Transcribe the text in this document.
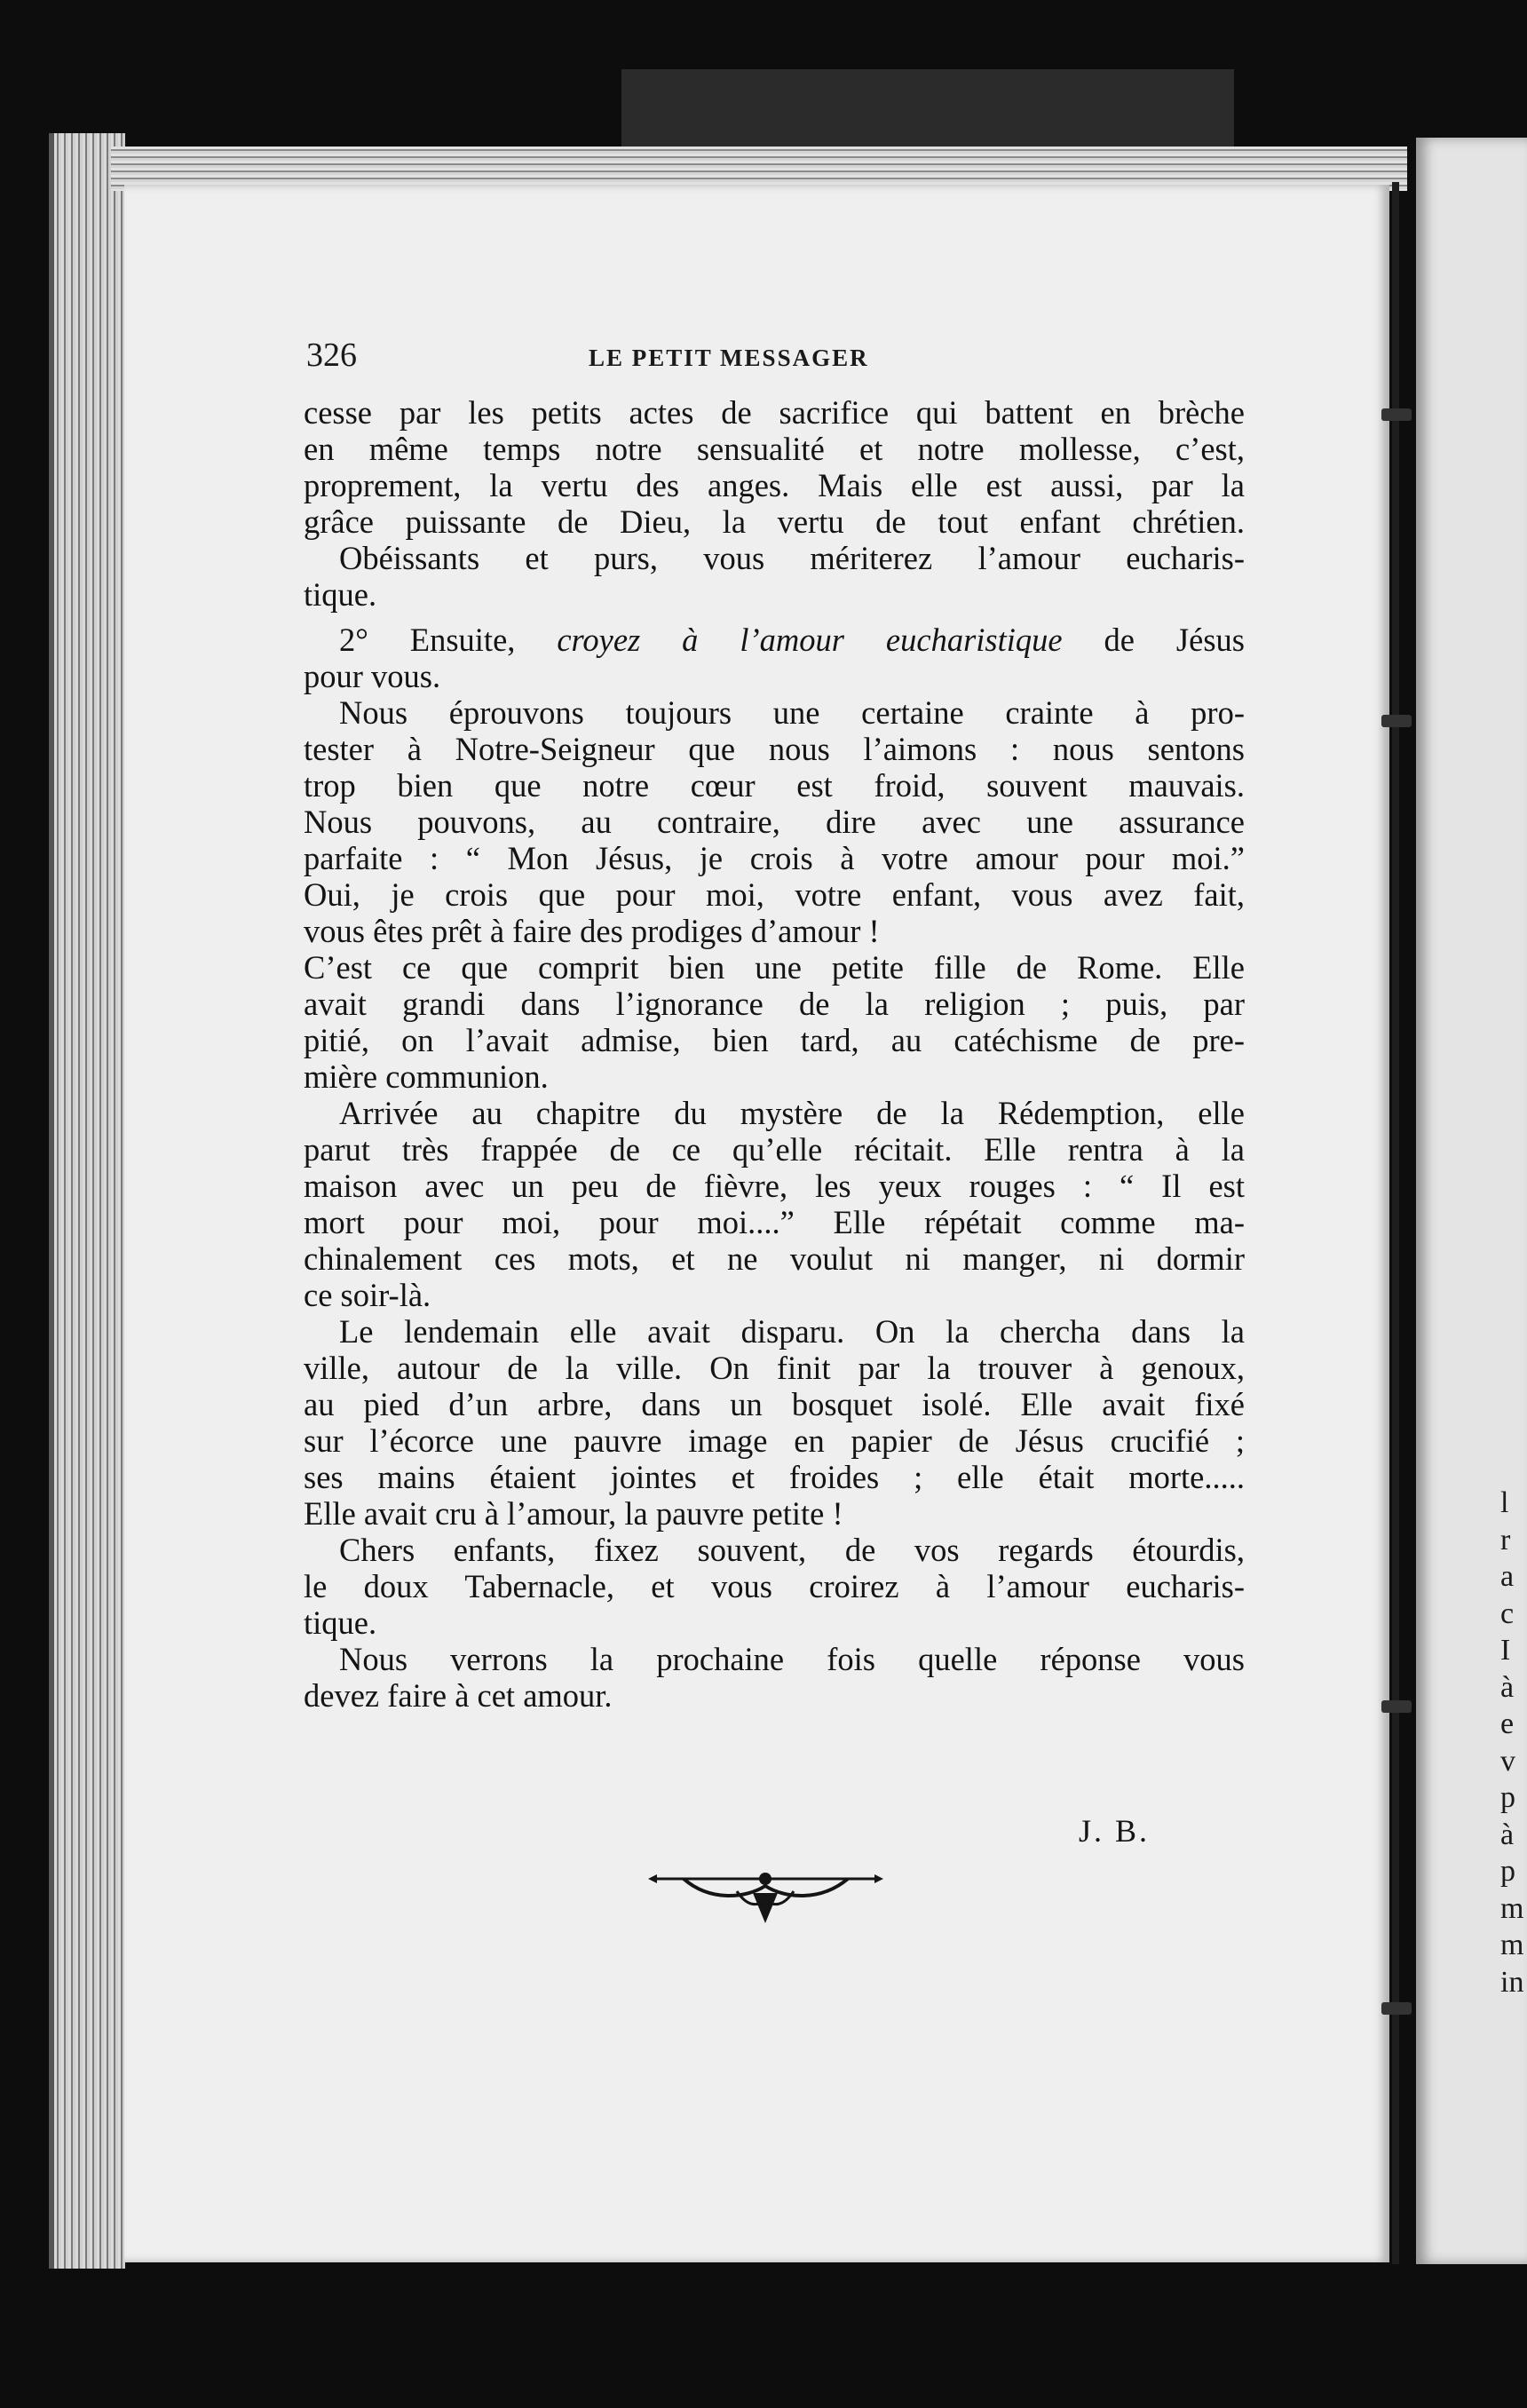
326	LE PETIT MESSAGER
cesse par les petits actes de sacrifice qui battent en brèche
en même temps notre sensualité et notre mollesse, c’est,
proprement, la vertu des anges. Mais elle est aussi, par la
grâce puissante de Dieu, la vertu de tout enfant chrétien.
Obéissants et purs, vous mériterez l’amour eucharis-
tique.
2° Ensuite, croyez à l’amour eucharistique de Jésus
pour vous.
Nous éprouvons toujours une certaine crainte à pro-
tester à Notre-Seigneur que nous l’aimons : nous sentons
trop bien que notre cœur est froid, souvent mauvais.
Nous pouvons, au contraire, dire avec une assurance
parfaite : “ Mon Jésus, je crois à votre amour pour moi.”
Oui, je crois que pour moi, votre enfant, vous avez fait,
vous êtes prêt à faire des prodiges d’amour !
C’est ce que comprit bien une petite fille de Rome. Elle
avait grandi dans l’ignorance de la religion ; puis, par
pitié, on l’avait admise, bien tard, au catéchisme de pre-
mière communion.
Arrivée au chapitre du mystère de la Rédemption, elle
parut très frappée de ce qu’elle récitait. Elle rentra à la
maison avec un peu de fièvre, les yeux rouges : “ Il est
mort pour moi, pour moi....” Elle répétait comme ma-
chinalement ces mots, et ne voulut ni manger, ni dormir
ce soir-là.
Le lendemain elle avait disparu. On la chercha dans la
ville, autour de la ville. On finit par la trouver à genoux,
au pied d’un arbre, dans un bosquet isolé. Elle avait fixé
sur l’écorce une pauvre image en papier de Jésus crucifié ;
ses mains étaient jointes et froides ; elle était morte.....
Elle avait cru à l’amour, la pauvre petite !
Chers enfants, fixez souvent, de vos regards étourdis,
le doux Tabernacle, et vous croirez à l’amour eucharis-
tique.
Nous verrons la prochaine fois quelle réponse vous
devez faire à cet amour.
J. B.
l
r
a
c
I
à
e
v
p
à
p
m
m
in
